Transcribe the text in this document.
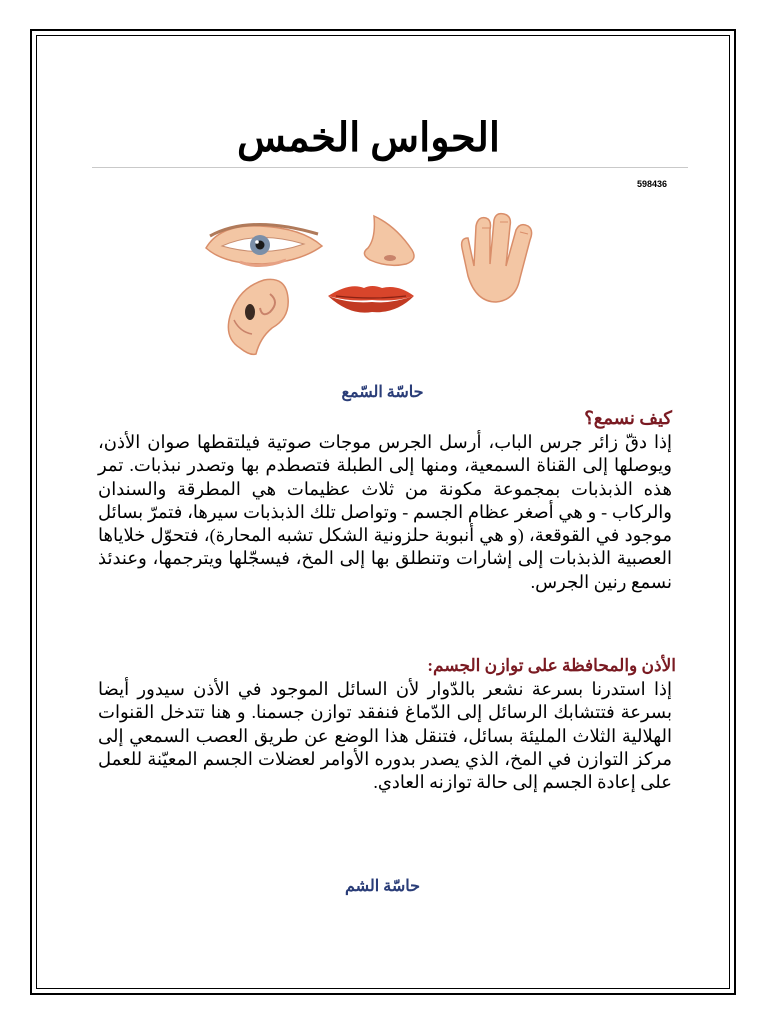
الحواس الخمس
598436
حاسّة السّمع
كيف نسمع؟
إذا دقّ زائر جرس الباب، أرسل الجرس موجات صوتية فيلتقطها صوان الأذن، ويوصلها إلى القناة السمعية، ومنها إلى الطبلة فتصطدم بها وتصدر نبذبات. تمر هذه الذبذبات بمجموعة مكونة من ثلاث عظيمات هي المطرقة والسندان والركاب - و هي أصغر عظام الجسم - وتواصل تلك الذبذبات سيرها، فتمرّ بسائل موجود في القوقعة، (و هي أنبوبة حلزونية الشكل تشبه المحارة)، فتحوّل خلاياها العصبية الذبذبات إلى إشارات وتنطلق بها إلى المخ، فيسجّلها ويترجمها، وعندئذ نسمع رنين الجرس.
الأذن والمحافظة على توازن الجسم:
إذا استدرنا بسرعة نشعر بالدّوار لأن السائل الموجود في الأذن سيدور أيضا بسرعة فتتشابك الرسائل إلى الدّماغ فنفقد توازن جسمنا. و هنا تتدخل القنوات الهلالية الثلاث المليئة بسائل، فتنقل هذا الوضع عن طريق العصب السمعي إلى مركز التوازن في المخ، الذي يصدر بدوره الأوامر لعضلات الجسم المعيّنة للعمل على إعادة الجسم إلى حالة توازنه العادي.
حاسّة الشم
